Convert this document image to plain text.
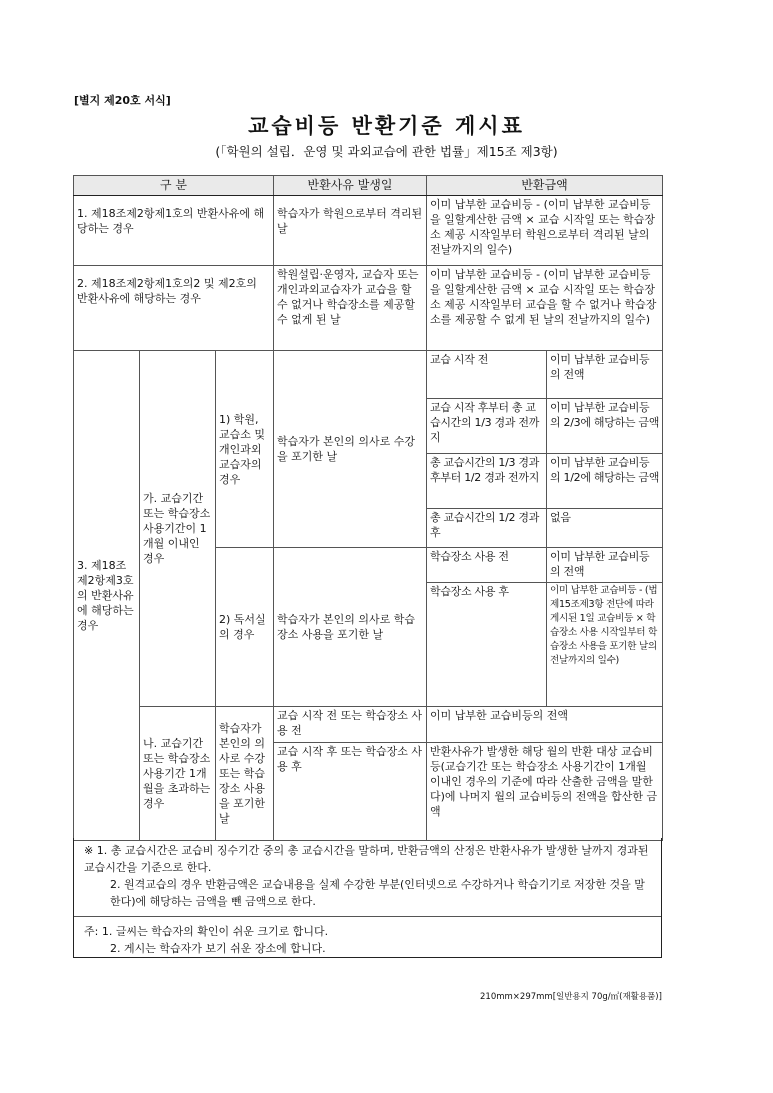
[별지 제20호 서식]
교습비등 반환기준 게시표
(「학원의 설립．운영 및 과외교습에 관한 법률」제15조 제3항)
구 분			반환사유 발생일	반환금액	
1. 제18조제2항제1호의 반환사유에 해당하는 경우			학습자가 학원으로부터 격리된 날	이미 납부한 교습비등 - (이미 납부한 교습비등을 일할계산한 금액 × 교습 시작일 또는 학습장소 제공 시작일부터 학원으로부터 격리된 날의 전날까지의 일수)	
2. 제18조제2항제1호의2 및 제2호의 반환사유에 해당하는 경우			학원설립·운영자, 교습자 또는 개인과외교습자가 교습을 할 수 없거나 학습장소를 제공할 수 없게 된 날	이미 납부한 교습비등 - (이미 납부한 교습비등을 일할계산한 금액 × 교습 시작일 또는 학습장소 제공 시작일부터 교습을 할 수 없거나 학습장소를 제공할 수 없게 된 날의 전날까지의 일수)	
3. 제18조 제2항제3호의 반환사유에 해당하는 경우	가. 교습기간 또는 학습장소 사용기간이 1개월 이내인 경우	1) 학원, 교습소 및 개인과외교습자의 경우	학습자가 본인의 의사로 수강을 포기한 날	교습 시작 전	이미 납부한 교습비등의 전액
				교습 시작 후부터 총 교습시간의 1/3 경과 전까지	이미 납부한 교습비등의 2/3에 해당하는 금액
				총 교습시간의 1/3 경과 후부터 1/2 경과 전까지	이미 납부한 교습비등의 1/2에 해당하는 금액
				총 교습시간의 1/2 경과 후	없음
		2) 독서실의 경우	학습자가 본인의 의사로 학습장소 사용을 포기한 날	학습장소 사용 전	이미 납부한 교습비등의 전액
				학습장소 사용 후	이미 납부한 교습비등 - (법 제15조제3항 전단에 따라 게시된 1일 교습비등 × 학습장소 사용 시작일부터 학습장소 사용을 포기한 날의 전날까지의 일수)
	나. 교습기간 또는 학습장소 사용기간 1개월을 초과하는 경우	학습자가 본인의 의사로 수강또는 학습장소 사용을 포기한날	교습 시작 전 또는 학습장소 사용 전	이미 납부한 교습비등의 전액	
			교습 시작 후 또는 학습장소 사용 후	반환사유가 발생한 해당 월의 반환 대상 교습비등(교습기간 또는 학습장소 사용기간이 1개월 이내인 경우의 기준에 따라 산출한 금액을 말한다)에 나머지 월의 교습비등의 전액을 합산한 금액	
※ 1. 총 교습시간은 교습비 징수기간 중의 총 교습시간을 말하며, 반환금액의 산정은 반환사유가 발생한 날까지 경과된 교습시간을 기준으로 한다.
2. 원격교습의 경우 반환금액은 교습내용을 실제 수강한 부분(인터넷으로 수강하거나 학습기기로 저장한 것을 말한다)에 해당하는 금액을 뺀 금액으로 한다.
주: 1. 글씨는 학습자의 확인이 쉬운 크기로 합니다.
2. 게시는 학습자가 보기 쉬운 장소에 합니다.
210mm×297mm[일반용지 70g/㎡(재활용품)]
